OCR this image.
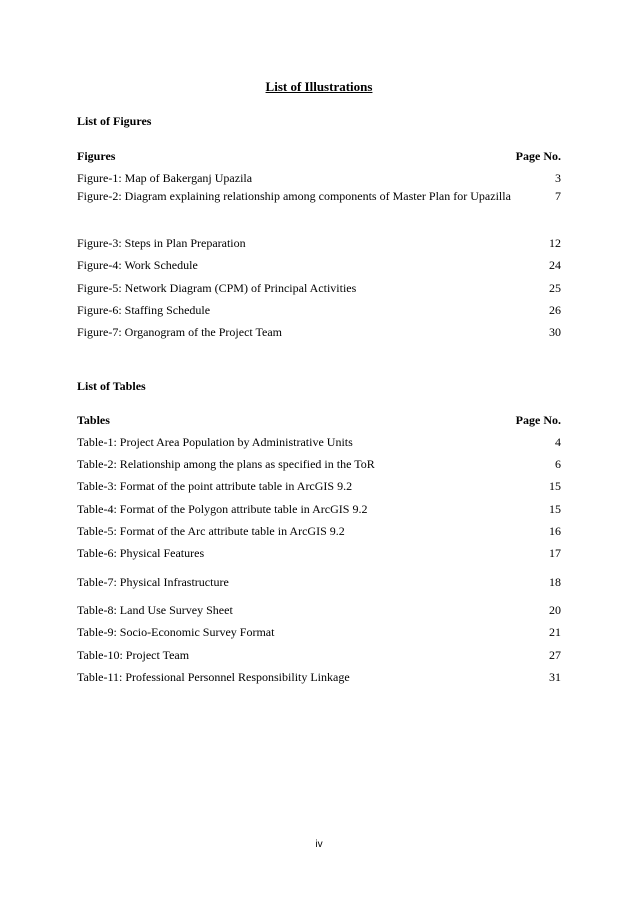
List of Illustrations
List of Figures
Figures	Page No.
Figure-1: Map of Bakerganj Upazila	3
Figure-2: Diagram explaining relationship among components of Master Plan for Upazilla	7
Figure-3: Steps in Plan Preparation	12
Figure-4: Work Schedule	24
Figure-5: Network Diagram (CPM) of Principal Activities	25
Figure-6: Staffing Schedule	26
Figure-7: Organogram of the Project Team	30
List of Tables
Tables	Page No.
Table-1: Project Area Population by Administrative Units	4
Table-2: Relationship among the plans as specified in the ToR	6
Table-3: Format of the point attribute table in ArcGIS 9.2	15
Table-4: Format of the Polygon attribute table in ArcGIS 9.2	15
Table-5: Format of the Arc attribute table in ArcGIS 9.2	16
Table-6: Physical Features	17
Table-7: Physical Infrastructure	18
Table-8: Land Use Survey Sheet	20
Table-9: Socio-Economic Survey Format	21
Table-10: Project Team	27
Table-11: Professional Personnel Responsibility Linkage	31
iv
